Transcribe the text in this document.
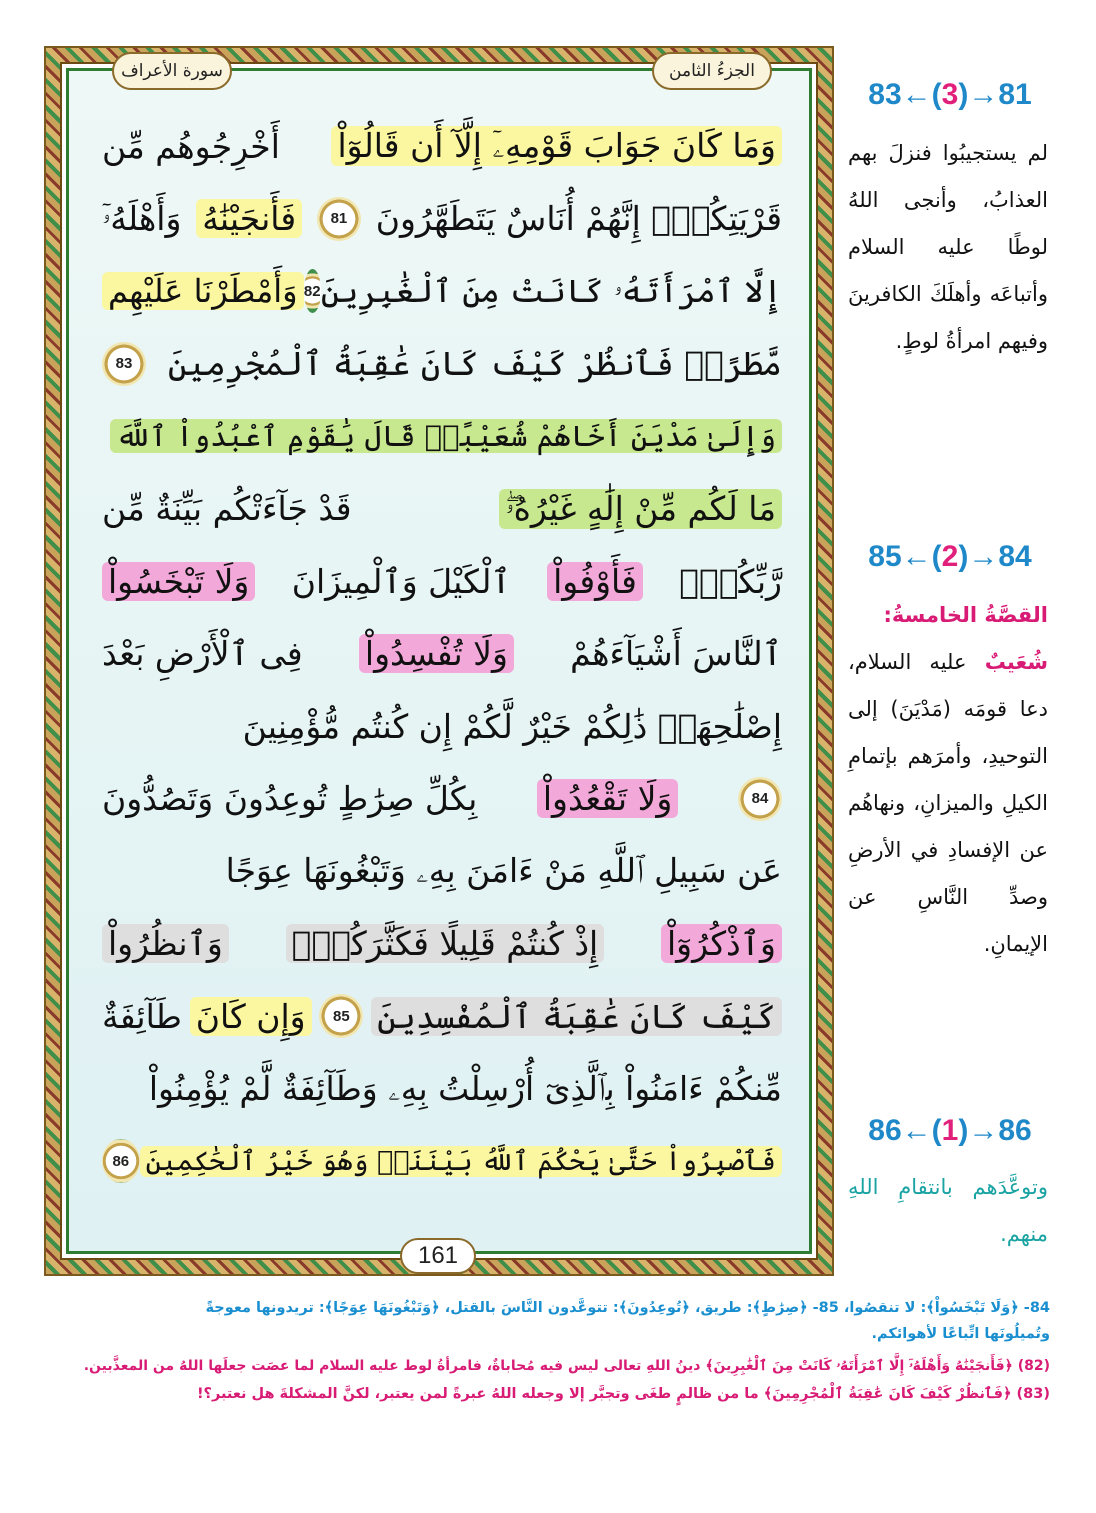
الجزءُ الثامن
سورة الأعراف
وَمَا كَانَ جَوَابَ قَوْمِهِۦٓ إِلَّآ أَن قَالُوٓاْ
أَخْرِجُوهُم مِّن
قَرْيَتِكُمْۖ إِنَّهُمْ أُنَاسٌ يَتَطَهَّرُونَ
81
فَأَنجَيْنَٰهُ
وَأَهْلَهُۥٓ
إِلَّا ٱمْرَأَتَهُۥ كَانَتْ مِنَ ٱلْغَٰبِرِينَ
82
وَأَمْطَرْنَا عَلَيْهِم
مَّطَرًاۖ فَٱنظُرْ كَيْفَ كَانَ عَٰقِبَةُ ٱلْمُجْرِمِينَ
83
وَإِلَىٰ مَدْيَنَ أَخَاهُمْ شُعَيْبًاۗ قَالَ يَٰقَوْمِ ٱعْبُدُواْ ٱللَّهَ
مَا لَكُم مِّنْ إِلَٰهٍ غَيْرُهُۥۖ
قَدْ جَآءَتْكُم بَيِّنَةٌ مِّن
رَّبِّكُمْۖ
فَأَوْفُواْ
ٱلْكَيْلَ وَٱلْمِيزَانَ
وَلَا تَبْخَسُواْ
ٱلنَّاسَ أَشْيَآءَهُمْ
وَلَا تُفْسِدُواْ
فِى ٱلْأَرْضِ بَعْدَ
إِصْلَٰحِهَاۚ ذَٰلِكُمْ خَيْرٌ لَّكُمْ إِن كُنتُم مُّؤْمِنِينَ
84
وَلَا تَقْعُدُواْ
بِكُلِّ صِرَٰطٍ تُوعِدُونَ وَتَصُدُّونَ
عَن سَبِيلِ ٱللَّهِ مَنْ ءَامَنَ بِهِۦ وَتَبْغُونَهَا عِوَجًا
وَٱذْكُرُوٓاْ
إِذْ كُنتُمْ قَلِيلًا فَكَثَّرَكُمْۖ
وَٱنظُرُواْ
كَيْفَ كَانَ عَٰقِبَةُ ٱلْمُفْسِدِينَ
85
وَإِن كَانَ
طَآئِفَةٌ
مِّنكُمْ ءَامَنُواْ بِٱلَّذِىٓ أُرْسِلْتُ بِهِۦ وَطَآئِفَةٌ لَّمْ يُؤْمِنُواْ
فَٱصْبِرُواْ حَتَّىٰ يَحْكُمَ ٱللَّهُ بَيْنَنَاۚ وَهُوَ خَيْرُ ٱلْحَٰكِمِينَ
86
161
83←(3)→81
لم يستجيبُوا فنزلَ بهم العذابُ، وأنجى اللهُ لوطًا عليه السلام وأتباعَه وأهلَكَ الكافرينَ وفيهم امرأةُ لوطٍ.
85←(2)→84
القصَّةُ الخامسةُ:
شُعَيبٌ عليه السلام، دعا قومَه (مَدْيَنَ) إلى التوحيدِ، وأمرَهم بإتمامِ الكيلِ والميزانِ، ونهاهُم عن الإفسادِ في الأرضِ وصدِّ النَّاسِ عن الإيمانِ.
86←(1)→86
وتوعَّدَهم بانتقامِ اللهِ منهم.
84- ﴿وَلَا تَبْخَسُواْ﴾: لا تنقصُوا، 85- ﴿صِرَٰطٍ﴾: طريق، ﴿تُوعِدُونَ﴾: تتوعَّدون النَّاسَ بالقتل، ﴿وَتَبْغُونَهَا عِوَجًا﴾: تريدونها معوجةً
وتُميلُونَها اتِّباعًا لأهوائكم.
(82) ﴿فَأَنجَيْنَٰهُ وَأَهْلَهُۥٓ إِلَّا ٱمْرَأَتَهُۥ كَانَتْ مِنَ ٱلْغَٰبِرِينَ﴾ دينُ اللهِ تعالى ليس فيه مُحاباةٌ، فامرأةُ لوط عليه السلام لما عصَت جعلَها اللهُ من المعذَّبين.
(83) ﴿فَٱنظُرْ كَيْفَ كَانَ عَٰقِبَةُ ٱلْمُجْرِمِينَ﴾ ما من ظالمٍ طغَى وتجبَّر إلا وجعله اللهُ عبرةً لمن يعتبر، لكنَّ المشكلةَ هل نعتبر؟!
